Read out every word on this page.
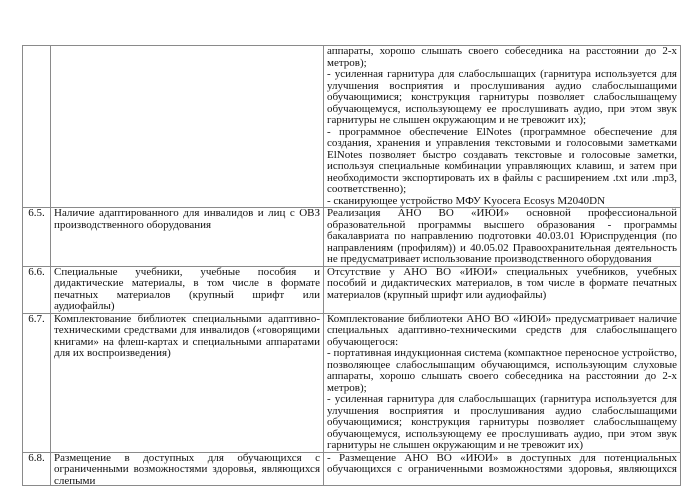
		аппараты, хорошо слышать своего собеседника на расстоянии до 2-х метров);

- усиленная гарнитура для слабослышащих (гарнитура используется для улучшения восприятия и прослушивания аудио слабослышащими обучающимися; конструкция гарнитуры позволяет слабослышащему обучающемуся, использующему ее прослушивать аудио, при этом звук гарнитуры не слышен окружающим и не тревожит их);

- программное обеспечение ElNotes (программное обеспечение для создания, хранения и управления текстовыми и голосовыми заметками ElNotes позволяет быстро создавать текстовые и голосовые заметки, используя специальные комбинации управляющих клавиш, и затем при необходимости экспортировать их в файлы с расширением .txt или .mp3, соответственно);

- сканирующее устройство МФУ Kyocera Ecosys M2040DN

6.5.	Наличие адаптированного для инвалидов и лиц с ОВЗ производственного оборудования	Реализация АНО ВО «ИЮИ» основной профессиональной образовательной программы высшего образования - программы бакалавриата по направлению подготовки 40.03.01 Юриспруденция (по направлениям (профилям)) и 40.05.02 Правоохранительная деятельность не предусматривает использование производственного оборудования

6.6.	Специальные учебники, учебные пособия и дидактические материалы, в том числе в формате печатных материалов (крупный шрифт или аудиофайлы)	Отсутствие у АНО ВО «ИЮИ» специальных учебников, учебных пособий и дидактических материалов, в том числе в формате печатных материалов (крупный шрифт или аудиофайлы)

6.7.	Комплектование библиотек специальными адаптивно-техническими средствами для инвалидов («говорящими книгами» на флеш-картах и специальными аппаратами для их воспроизведения)	Комплектование библиотеки АНО ВО «ИЮИ» предусматривает наличие специальных адаптивно-техническими средств для слабослышащего обучающегося:

- портативная индукционная система (компактное переносное устройство, позволяющее слабослышащим обучающимся, использующим слуховые аппараты, хорошо слышать своего собеседника на расстоянии до 2-х метров);

- усиленная гарнитура для слабослышащих (гарнитура используется для улучшения восприятия и прослушивания аудио слабослышащими обучающимися; конструкция гарнитуры позволяет слабослышащему обучающемуся, использующему ее прослушивать аудио, при этом звук гарнитуры не слышен окружающим и не тревожит их)

6.8.	Размещение в доступных для обучающихся с ограниченными возможностями здоровья, являющихся слепыми	- Размещение АНО ВО «ИЮИ» в доступных для потенциальных обучающихся с ограниченными возможностями здоровья, являющихся
